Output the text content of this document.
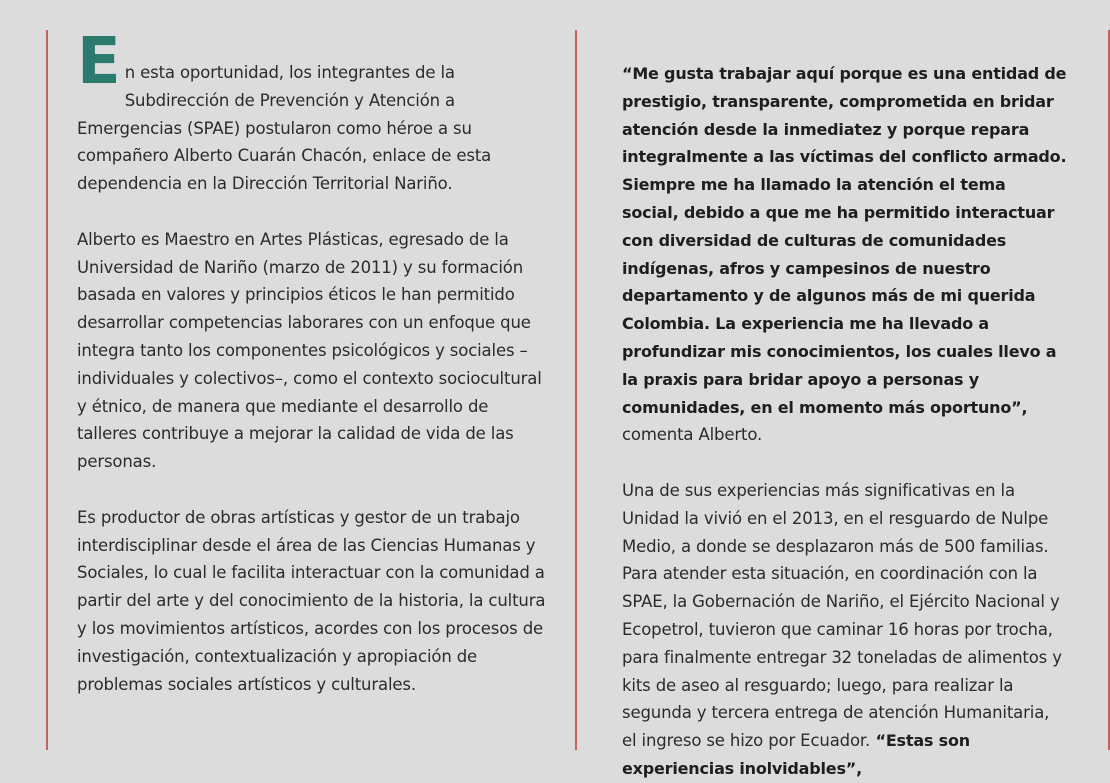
E n esta oportunidad, los integrantes de la Subdirección de Prevención y Atención a Emergencias (SPAE) postularon como héroe a su compañero Alberto Cuarán Chacón, enlace de esta dependencia en la Dirección Territorial Nariño.

Alberto es Maestro en Artes Plásticas, egresado de la Universidad de Nariño (marzo de 2011) y su formación basada en valores y principios éticos le han permitido desarrollar competencias laborares con un enfoque que integra tanto los componentes psicológicos y sociales –individuales y colectivos–, como el contexto sociocultural y étnico, de manera que mediante el desarrollo de talleres contribuye a mejorar la calidad de vida de las personas.

Es productor de obras artísticas y gestor de un trabajo interdisciplinar desde el área de las Ciencias Humanas y Sociales, lo cual le facilita interactuar con la comunidad a partir del arte y del conocimiento de la historia, la cultura y los movimientos artísticos, acordes con los procesos de investigación, contextualización y apropiación de problemas sociales artísticos y culturales.

“Me gusta trabajar aquí porque es una entidad de prestigio, transparente, comprometida en bridar atención desde la inmediatez y porque repara integralmente a las víctimas del conflicto armado. Siempre me ha llamado la atención el tema social, debido a que me ha permitido interactuar con diversidad de culturas de comunidades indígenas, afros y campesinos de nuestro departamento y de algunos más de mi querida Colombia. La experiencia me ha llevado a profundizar mis conocimientos, los cuales llevo a la praxis para bridar apoyo a personas y comunidades, en el momento más oportuno”, comenta Alberto.

Una de sus experiencias más significativas en la Unidad la vivió en el 2013, en el resguardo de Nulpe Medio, a donde se desplazaron más de 500 familias. Para atender esta situación, en coordinación con la SPAE, la Gobernación de Nariño, el Ejército Nacional y Ecopetrol, tuvieron que caminar 16 horas por trocha, para finalmente entregar 32 toneladas de alimentos y kits de aseo al resguardo; luego, para realizar la segunda y tercera entrega de atención Humanitaria, el ingreso se hizo por Ecuador. “Estas son experiencias inolvidables”,
